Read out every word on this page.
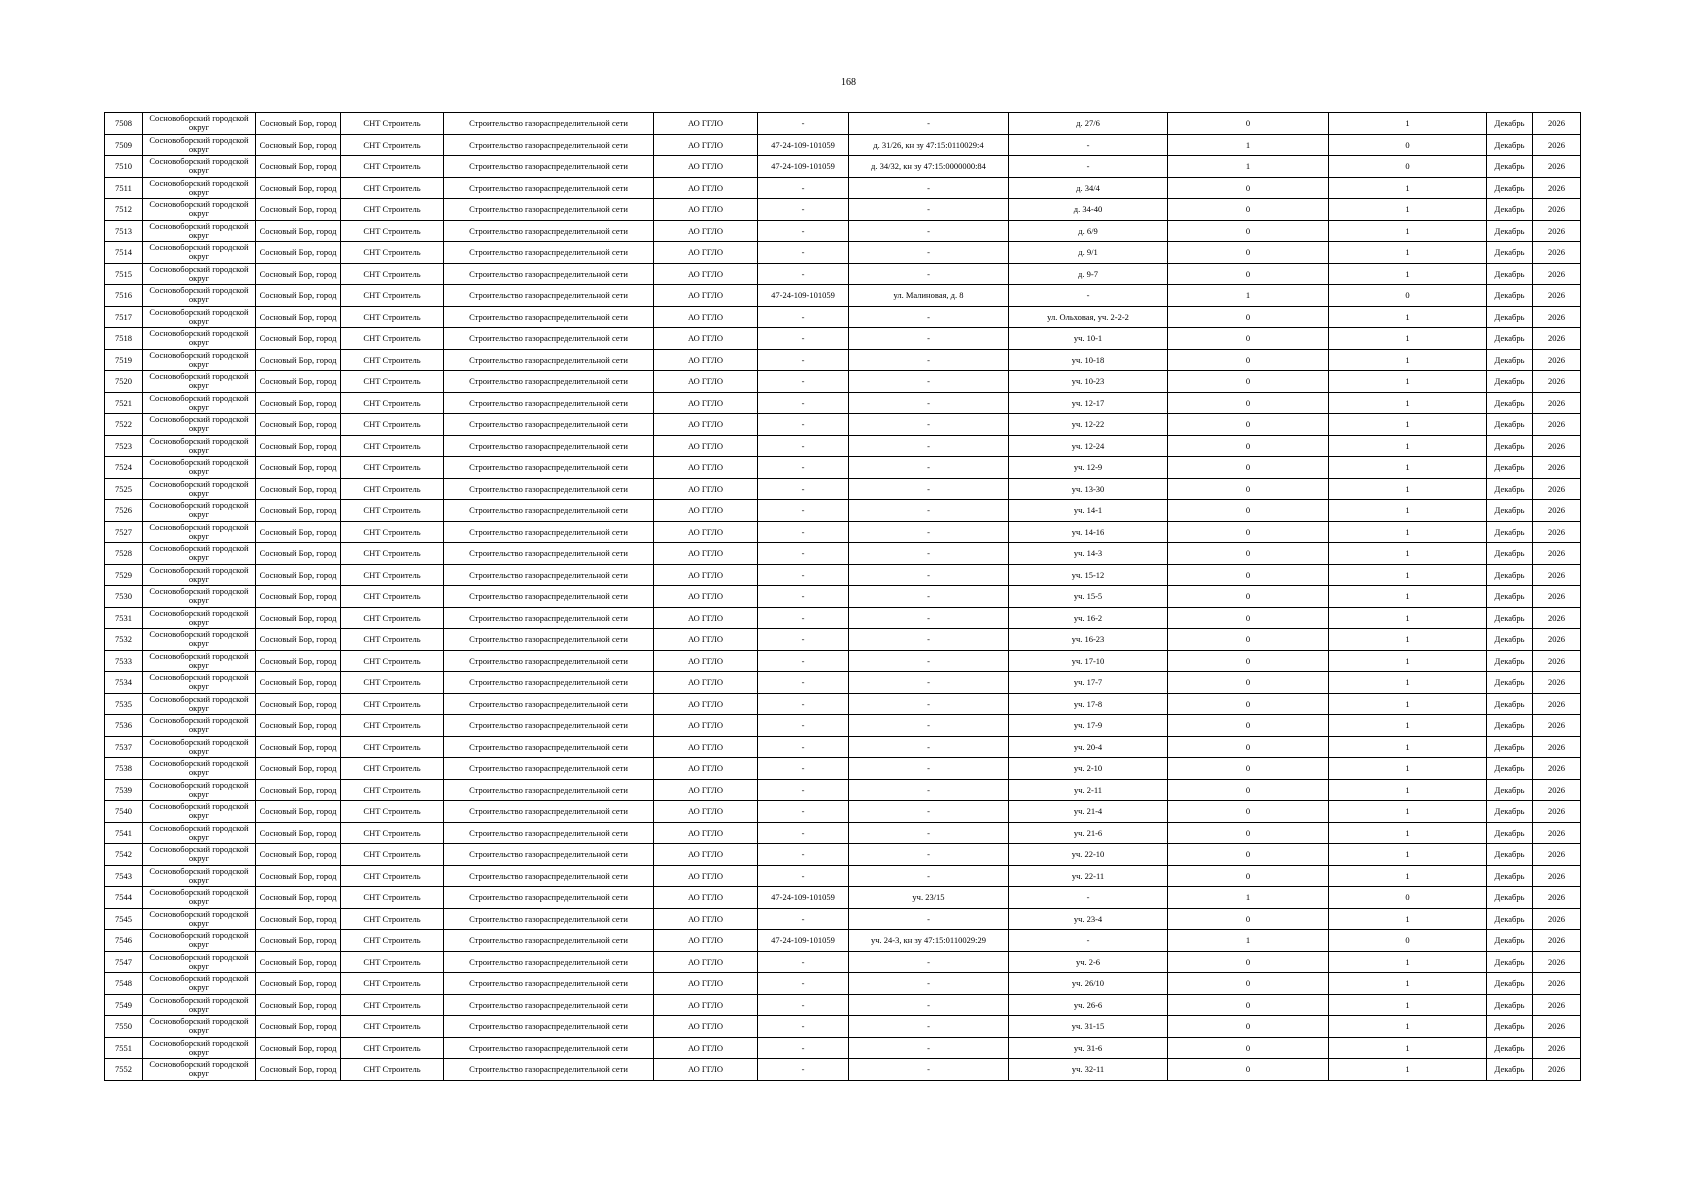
168
7508	Сосновоборский городской округ	Сосновый Бор, город	СНТ Строитель	Строительство газораспределительной сети	АО ГГЛО	-	-	д. 27/6	0	1	Декабрь	2026
7509	Сосновоборский городской округ	Сосновый Бор, город	СНТ Строитель	Строительство газораспределительной сети	АО ГГЛО	47-24-109-101059	д. 31/26, кн зу 47:15:0110029:4	-	1	0	Декабрь	2026
7510	Сосновоборский городской округ	Сосновый Бор, город	СНТ Строитель	Строительство газораспределительной сети	АО ГГЛО	47-24-109-101059	д. 34/32, кн зу 47:15:0000000:84	-	1	0	Декабрь	2026
7511	Сосновоборский городской округ	Сосновый Бор, город	СНТ Строитель	Строительство газораспределительной сети	АО ГГЛО	-	-	д. 34/4	0	1	Декабрь	2026
7512	Сосновоборский городской округ	Сосновый Бор, город	СНТ Строитель	Строительство газораспределительной сети	АО ГГЛО	-	-	д. 34-40	0	1	Декабрь	2026
7513	Сосновоборский городской округ	Сосновый Бор, город	СНТ Строитель	Строительство газораспределительной сети	АО ГГЛО	-	-	д. 6/9	0	1	Декабрь	2026
7514	Сосновоборский городской округ	Сосновый Бор, город	СНТ Строитель	Строительство газораспределительной сети	АО ГГЛО	-	-	д. 9/1	0	1	Декабрь	2026
7515	Сосновоборский городской округ	Сосновый Бор, город	СНТ Строитель	Строительство газораспределительной сети	АО ГГЛО	-	-	д. 9-7	0	1	Декабрь	2026
7516	Сосновоборский городской округ	Сосновый Бор, город	СНТ Строитель	Строительство газораспределительной сети	АО ГГЛО	47-24-109-101059	ул. Малиновая, д. 8	-	1	0	Декабрь	2026
7517	Сосновоборский городской округ	Сосновый Бор, город	СНТ Строитель	Строительство газораспределительной сети	АО ГГЛО	-	-	ул. Ольховая, уч. 2-2-2	0	1	Декабрь	2026
7518	Сосновоборский городской округ	Сосновый Бор, город	СНТ Строитель	Строительство газораспределительной сети	АО ГГЛО	-	-	уч. 10-1	0	1	Декабрь	2026
7519	Сосновоборский городской округ	Сосновый Бор, город	СНТ Строитель	Строительство газораспределительной сети	АО ГГЛО	-	-	уч. 10-18	0	1	Декабрь	2026
7520	Сосновоборский городской округ	Сосновый Бор, город	СНТ Строитель	Строительство газораспределительной сети	АО ГГЛО	-	-	уч. 10-23	0	1	Декабрь	2026
7521	Сосновоборский городской округ	Сосновый Бор, город	СНТ Строитель	Строительство газораспределительной сети	АО ГГЛО	-	-	уч. 12-17	0	1	Декабрь	2026
7522	Сосновоборский городской округ	Сосновый Бор, город	СНТ Строитель	Строительство газораспределительной сети	АО ГГЛО	-	-	уч. 12-22	0	1	Декабрь	2026
7523	Сосновоборский городской округ	Сосновый Бор, город	СНТ Строитель	Строительство газораспределительной сети	АО ГГЛО	-	-	уч. 12-24	0	1	Декабрь	2026
7524	Сосновоборский городской округ	Сосновый Бор, город	СНТ Строитель	Строительство газораспределительной сети	АО ГГЛО	-	-	уч. 12-9	0	1	Декабрь	2026
7525	Сосновоборский городской округ	Сосновый Бор, город	СНТ Строитель	Строительство газораспределительной сети	АО ГГЛО	-	-	уч. 13-30	0	1	Декабрь	2026
7526	Сосновоборский городской округ	Сосновый Бор, город	СНТ Строитель	Строительство газораспределительной сети	АО ГГЛО	-	-	уч. 14-1	0	1	Декабрь	2026
7527	Сосновоборский городской округ	Сосновый Бор, город	СНТ Строитель	Строительство газораспределительной сети	АО ГГЛО	-	-	уч. 14-16	0	1	Декабрь	2026
7528	Сосновоборский городской округ	Сосновый Бор, город	СНТ Строитель	Строительство газораспределительной сети	АО ГГЛО	-	-	уч. 14-3	0	1	Декабрь	2026
7529	Сосновоборский городской округ	Сосновый Бор, город	СНТ Строитель	Строительство газораспределительной сети	АО ГГЛО	-	-	уч. 15-12	0	1	Декабрь	2026
7530	Сосновоборский городской округ	Сосновый Бор, город	СНТ Строитель	Строительство газораспределительной сети	АО ГГЛО	-	-	уч. 15-5	0	1	Декабрь	2026
7531	Сосновоборский городской округ	Сосновый Бор, город	СНТ Строитель	Строительство газораспределительной сети	АО ГГЛО	-	-	уч. 16-2	0	1	Декабрь	2026
7532	Сосновоборский городской округ	Сосновый Бор, город	СНТ Строитель	Строительство газораспределительной сети	АО ГГЛО	-	-	уч. 16-23	0	1	Декабрь	2026
7533	Сосновоборский городской округ	Сосновый Бор, город	СНТ Строитель	Строительство газораспределительной сети	АО ГГЛО	-	-	уч. 17-10	0	1	Декабрь	2026
7534	Сосновоборский городской округ	Сосновый Бор, город	СНТ Строитель	Строительство газораспределительной сети	АО ГГЛО	-	-	уч. 17-7	0	1	Декабрь	2026
7535	Сосновоборский городской округ	Сосновый Бор, город	СНТ Строитель	Строительство газораспределительной сети	АО ГГЛО	-	-	уч. 17-8	0	1	Декабрь	2026
7536	Сосновоборский городской округ	Сосновый Бор, город	СНТ Строитель	Строительство газораспределительной сети	АО ГГЛО	-	-	уч. 17-9	0	1	Декабрь	2026
7537	Сосновоборский городской округ	Сосновый Бор, город	СНТ Строитель	Строительство газораспределительной сети	АО ГГЛО	-	-	уч. 20-4	0	1	Декабрь	2026
7538	Сосновоборский городской округ	Сосновый Бор, город	СНТ Строитель	Строительство газораспределительной сети	АО ГГЛО	-	-	уч. 2-10	0	1	Декабрь	2026
7539	Сосновоборский городской округ	Сосновый Бор, город	СНТ Строитель	Строительство газораспределительной сети	АО ГГЛО	-	-	уч. 2-11	0	1	Декабрь	2026
7540	Сосновоборский городской округ	Сосновый Бор, город	СНТ Строитель	Строительство газораспределительной сети	АО ГГЛО	-	-	уч. 21-4	0	1	Декабрь	2026
7541	Сосновоборский городской округ	Сосновый Бор, город	СНТ Строитель	Строительство газораспределительной сети	АО ГГЛО	-	-	уч. 21-6	0	1	Декабрь	2026
7542	Сосновоборский городской округ	Сосновый Бор, город	СНТ Строитель	Строительство газораспределительной сети	АО ГГЛО	-	-	уч. 22-10	0	1	Декабрь	2026
7543	Сосновоборский городской округ	Сосновый Бор, город	СНТ Строитель	Строительство газораспределительной сети	АО ГГЛО	-	-	уч. 22-11	0	1	Декабрь	2026
7544	Сосновоборский городской округ	Сосновый Бор, город	СНТ Строитель	Строительство газораспределительной сети	АО ГГЛО	47-24-109-101059	уч. 23/15	-	1	0	Декабрь	2026
7545	Сосновоборский городской округ	Сосновый Бор, город	СНТ Строитель	Строительство газораспределительной сети	АО ГГЛО	-	-	уч. 23-4	0	1	Декабрь	2026
7546	Сосновоборский городской округ	Сосновый Бор, город	СНТ Строитель	Строительство газораспределительной сети	АО ГГЛО	47-24-109-101059	уч. 24-3, кн зу 47:15:0110029:29	-	1	0	Декабрь	2026
7547	Сосновоборский городской округ	Сосновый Бор, город	СНТ Строитель	Строительство газораспределительной сети	АО ГГЛО	-	-	уч. 2-6	0	1	Декабрь	2026
7548	Сосновоборский городской округ	Сосновый Бор, город	СНТ Строитель	Строительство газораспределительной сети	АО ГГЛО	-	-	уч. 26/10	0	1	Декабрь	2026
7549	Сосновоборский городской округ	Сосновый Бор, город	СНТ Строитель	Строительство газораспределительной сети	АО ГГЛО	-	-	уч. 26-6	0	1	Декабрь	2026
7550	Сосновоборский городской округ	Сосновый Бор, город	СНТ Строитель	Строительство газораспределительной сети	АО ГГЛО	-	-	уч. 31-15	0	1	Декабрь	2026
7551	Сосновоборский городской округ	Сосновый Бор, город	СНТ Строитель	Строительство газораспределительной сети	АО ГГЛО	-	-	уч. 31-6	0	1	Декабрь	2026
7552	Сосновоборский городской округ	Сосновый Бор, город	СНТ Строитель	Строительство газораспределительной сети	АО ГГЛО	-	-	уч. 32-11	0	1	Декабрь	2026
